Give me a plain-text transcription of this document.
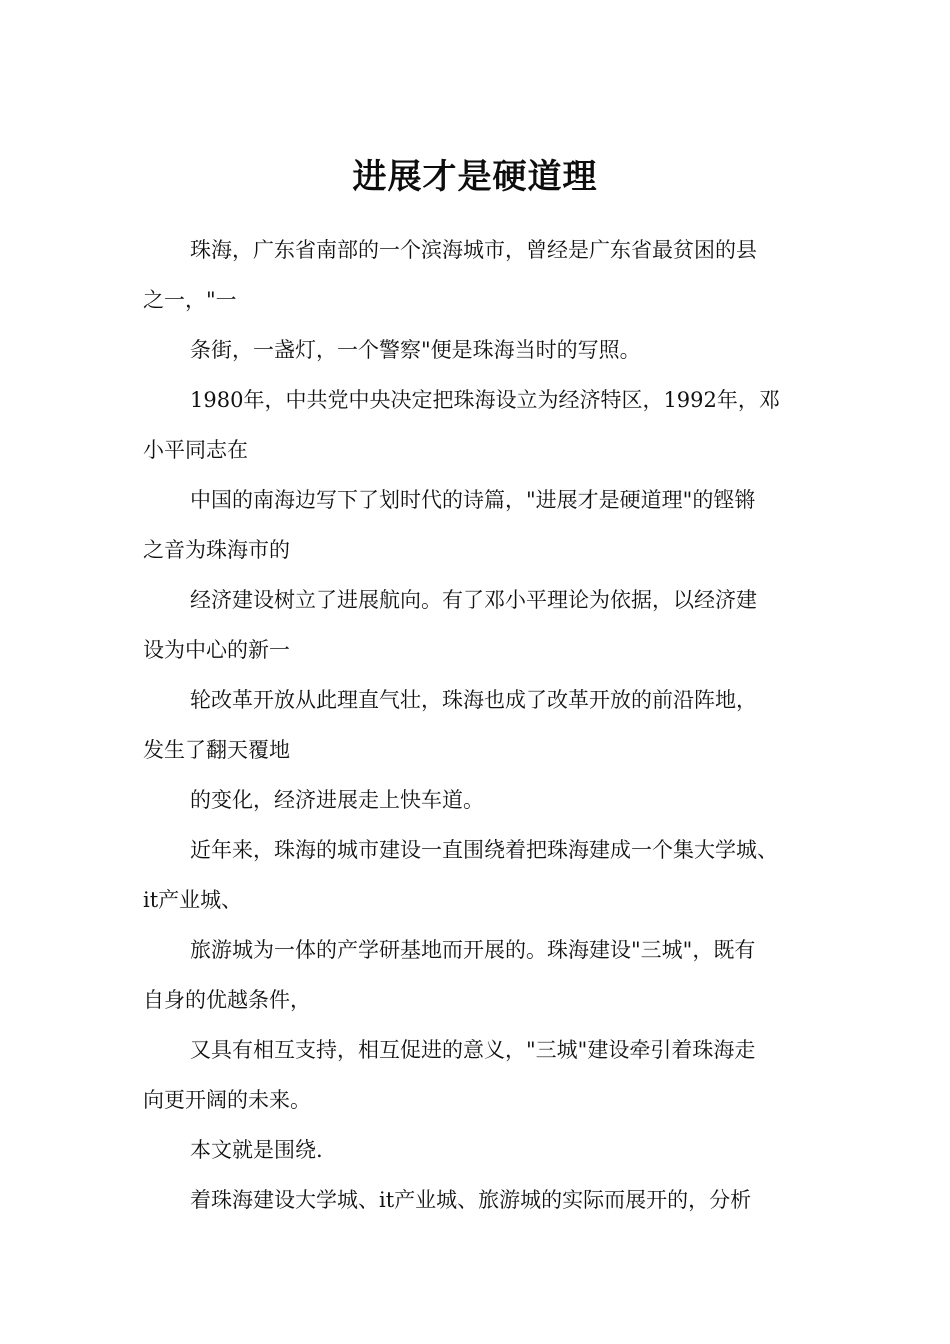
进展才是硬道理

珠海，广东省南部的一个滨海城市，曾经是广东省最贫困的县

之一，"一

条街，一盏灯，一个警察"便是珠海当时的写照。

1980年，中共党中央决定把珠海设立为经济特区，1992年，邓

小平同志在

中国的南海边写下了划时代的诗篇，"进展才是硬道理"的铿锵

之音为珠海市的

经济建设树立了进展航向。有了邓小平理论为依据，以经济建

设为中心的新一

轮改革开放从此理直气壮，珠海也成了改革开放的前沿阵地，

发生了翻天覆地

的变化，经济进展走上快车道。

近年来，珠海的城市建设一直围绕着把珠海建成一个集大学城、

it产业城、

旅游城为一体的产学研基地而开展的。珠海建设"三城"，既有

自身的优越条件，

又具有相互支持，相互促进的意义，"三城"建设牵引着珠海走

向更开阔的未来。

本文就是围绕.

着珠海建设大学城、it产业城、旅游城的实际而展开的，分析
